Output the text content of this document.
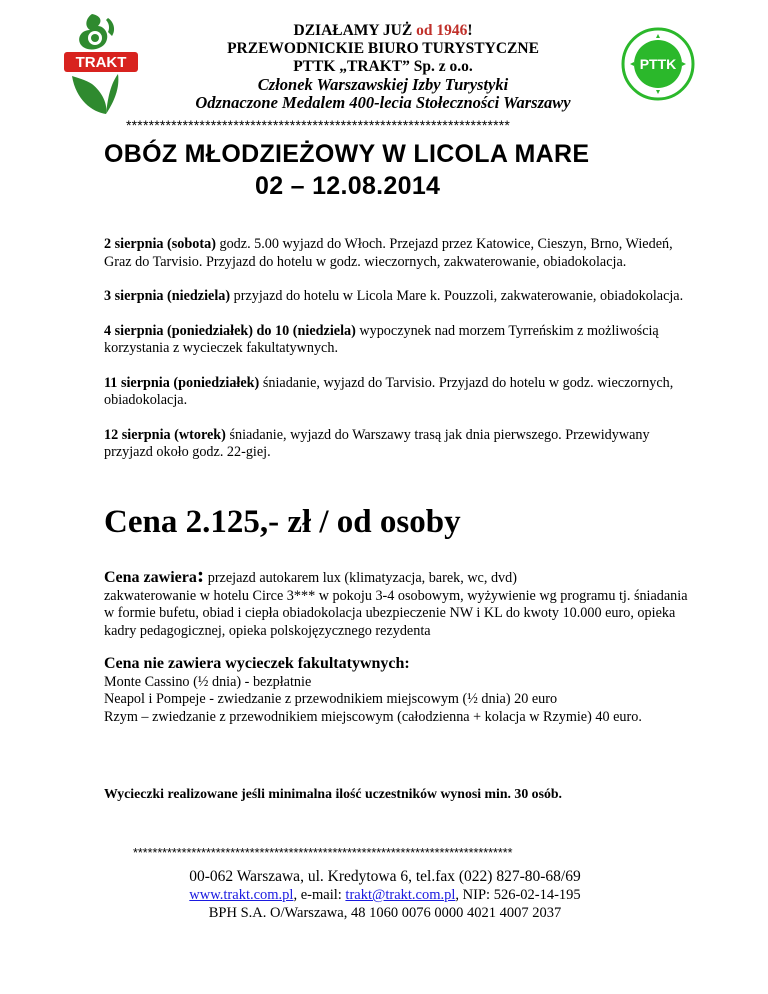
TRAKT	PTTK
DZIAŁAMY JUŻ od 1946!
PRZEWODNICKIE BIURO TURYSTYCZNE
PTTK „TRAKT” Sp. z o.o.
Członek Warszawskiej Izby Turystyki
Odznaczone Medalem 400-lecia Stołeczności Warszawy
********************************************************************
OBÓZ MŁODZIEŻOWY W LICOLA MARE
02 – 12.08.2014

2 sierpnia (sobota) godz. 5.00 wyjazd do Włoch. Przejazd przez Katowice, Cieszyn, Brno, Wiedeń, Graz do Tarvisio. Przyjazd do hotelu w godz. wieczornych, zakwaterowanie, obiadokolacja.

3 sierpnia (niedziela) przyjazd do hotelu w Licola Mare k. Pouzzoli, zakwaterowanie, obiadokolacja.

4 sierpnia (poniedziałek) do 10 (niedziela) wypoczynek nad morzem Tyrreńskim z możliwością korzystania z wycieczek fakultatywnych.

11 sierpnia (poniedziałek) śniadanie, wyjazd do Tarvisio. Przyjazd do hotelu w godz. wieczornych, obiadokolacja.

12 sierpnia (wtorek) śniadanie, wyjazd do Warszawy trasą jak dnia pierwszego. Przewidywany przyjazd około godz. 22-giej.

Cena 2.125,- zł / od osoby
Cena zawiera: przejazd autokarem lux (klimatyzacja, barek, wc, dvd)
zakwaterowanie w hotelu Circe 3*** w pokoju 3-4 osobowym, wyżywienie wg programu tj. śniadania w formie bufetu, obiad i ciepła obiadokolacja ubezpieczenie NW i KL do kwoty 10.000 euro, opieka kadry pedagogicznej, opieka polskojęzycznego rezydenta
Cena nie zawiera wycieczek fakultatywnych:
Monte Cassino (½ dnia) - bezpłatnie
Neapol i Pompeje - zwiedzanie z przewodnikiem miejscowym (½ dnia) 20 euro
Rzym – zwiedzanie z przewodnikiem miejscowym (całodzienna + kolacja w Rzymie) 40 euro.
Wycieczki realizowane jeśli minimalna ilość uczestników wynosi min. 30 osób.
******************************************************************************
00-062 Warszawa, ul. Kredytowa 6, tel.fax (022) 827-80-68/69
www.trakt.com.pl, e-mail: trakt@trakt.com.pl, NIP: 526-02-14-195
BPH S.A. O/Warszawa, 48 1060 0076 0000 4021 4007 2037
